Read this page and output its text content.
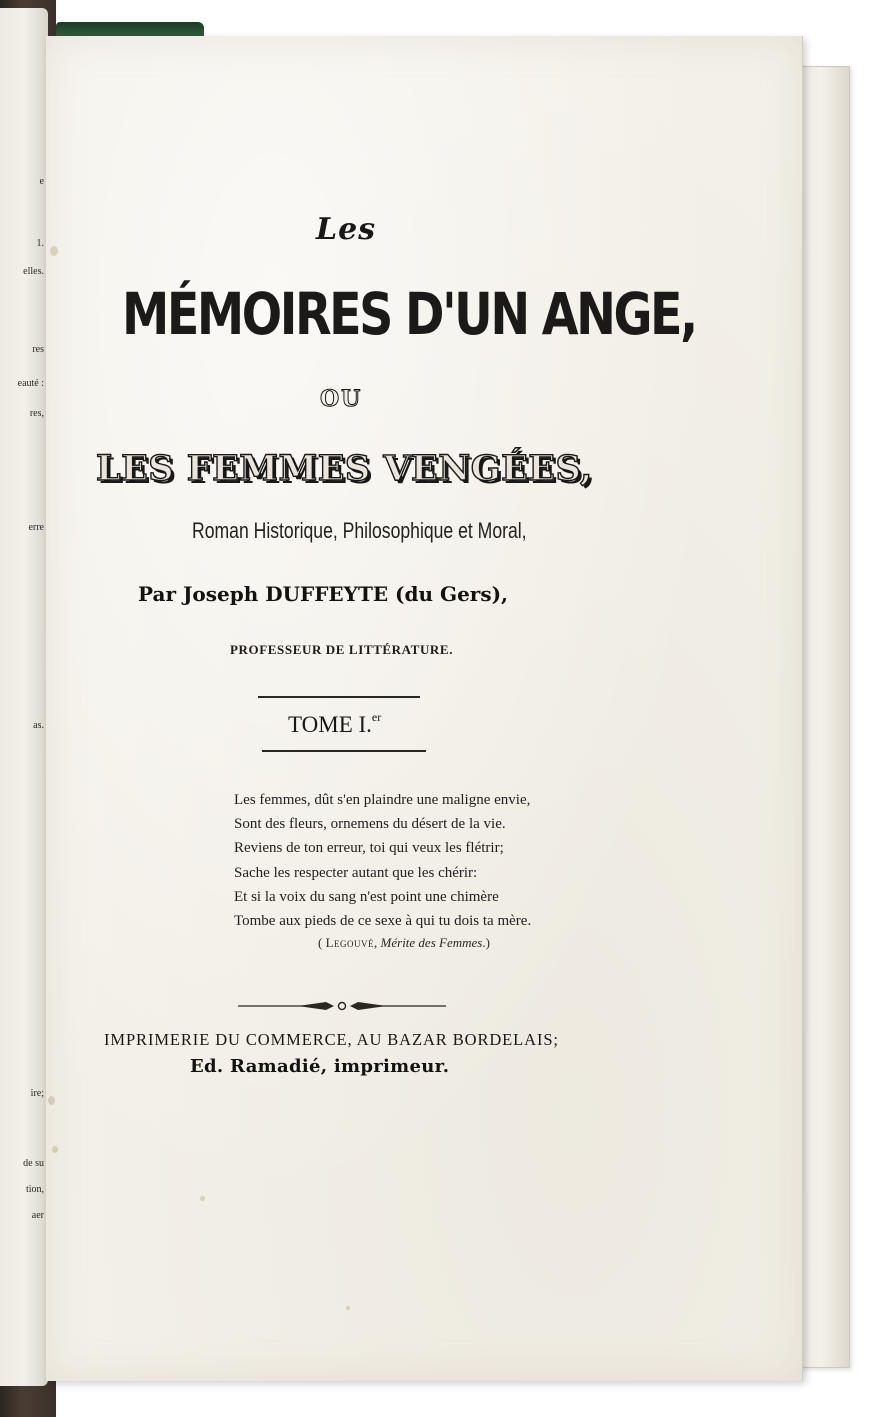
e
1.
elles.
res
eauté :
res,
erre
as.
ire;
de su
tion,
aer
Les
MÉMOIRES D'UN ANGE,
OU
LES FEMMES VENGÉES,
Roman Historique, Philosophique et Moral,
Par Joseph DUFFEYTE (du Gers),
PROFESSEUR DE LITTÉRATURE.
TOME I.$^{er}$
Les femmes, dût s'en plaindre une maligne envie,
Sont des fleurs, ornemens du désert de la vie.
Reviens de ton erreur, toi qui veux les flétrir;
Sache les respecter autant que les chérir:
Et si la voix du sang n'est point une chimère
Tombe aux pieds de ce sexe à qui tu dois ta mère.
( Legouvé, Mérite des Femmes.)
IMPRIMERIE DU COMMERCE, AU BAZAR BORDELAIS;
Ed. Ramadié, imprimeur.
